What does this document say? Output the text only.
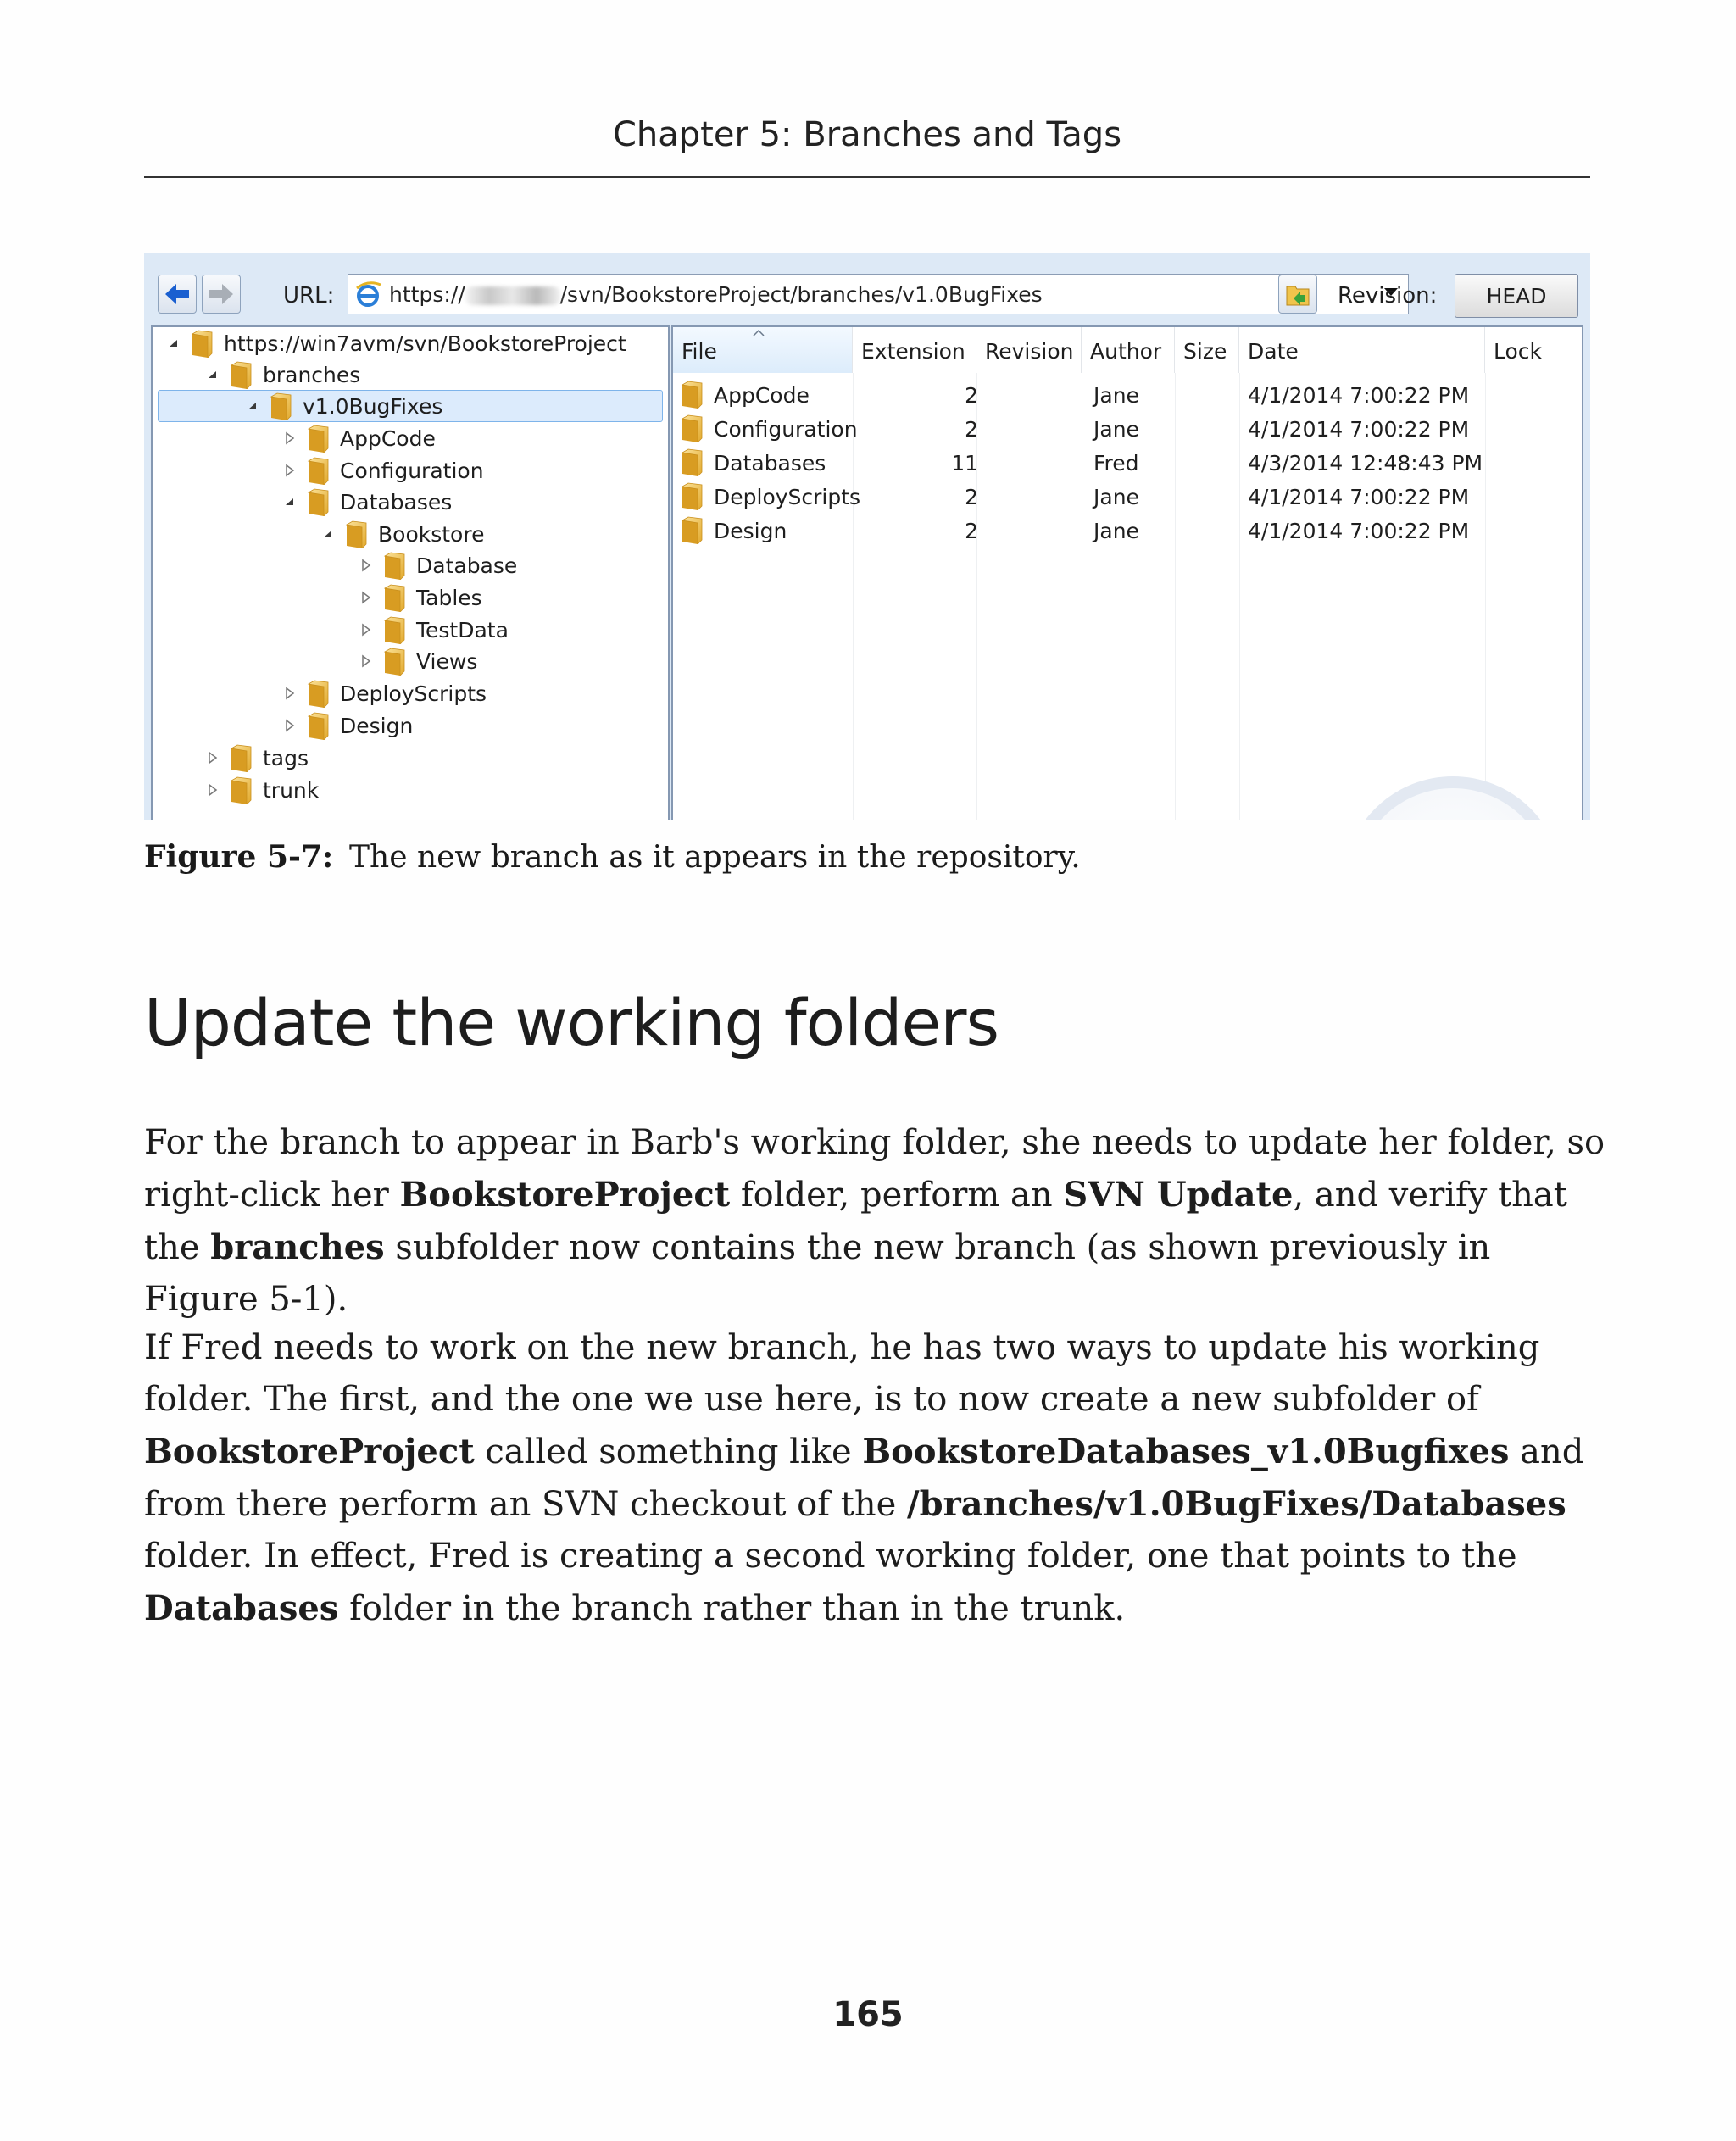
Chapter 5: Branches and Tags
URL:	https://	/svn/BookstoreProject/branches/v1.0BugFixes	Revision:	HEAD
https://win7avm/svn/BookstoreProject
branches
v1.0BugFixes
AppCode
Configuration
Databases
Bookstore
Database
Tables
TestData
Views
DeployScripts
Design
tags
trunk
File	Extension Revision Author	Size Date	Lock
AppCode	2	Jane	4/1/2014 7:00:22 PM
Configuration	2	Jane	4/1/2014 7:00:22 PM
Databases	11	Fred	4/3/2014 12:48:43 PM
DeployScripts	2	Jane	4/1/2014 7:00:22 PM
Design	2	Jane	4/1/2014 7:00:22 PM
Figure 5-7: The new branch as it appears in the repository.
Update the working folders

For the branch to appear in Barb's working folder, she needs to update her folder, so right-click her BookstoreProject folder, perform an SVN Update, and verify that the branches subfolder now contains the new branch (as shown previously in Figure 5-1).

If Fred needs to work on the new branch, he has two ways to update his working folder. The first, and the one we use here, is to now create a new subfolder of BookstoreProject called something like BookstoreDatabases_v1.0Bugfixes and from there perform an SVN checkout of the /branches/v1.0BugFixes/Databases folder. In effect, Fred is creating a second working folder, one that points to the Databases folder in the branch rather than in the trunk.

165
